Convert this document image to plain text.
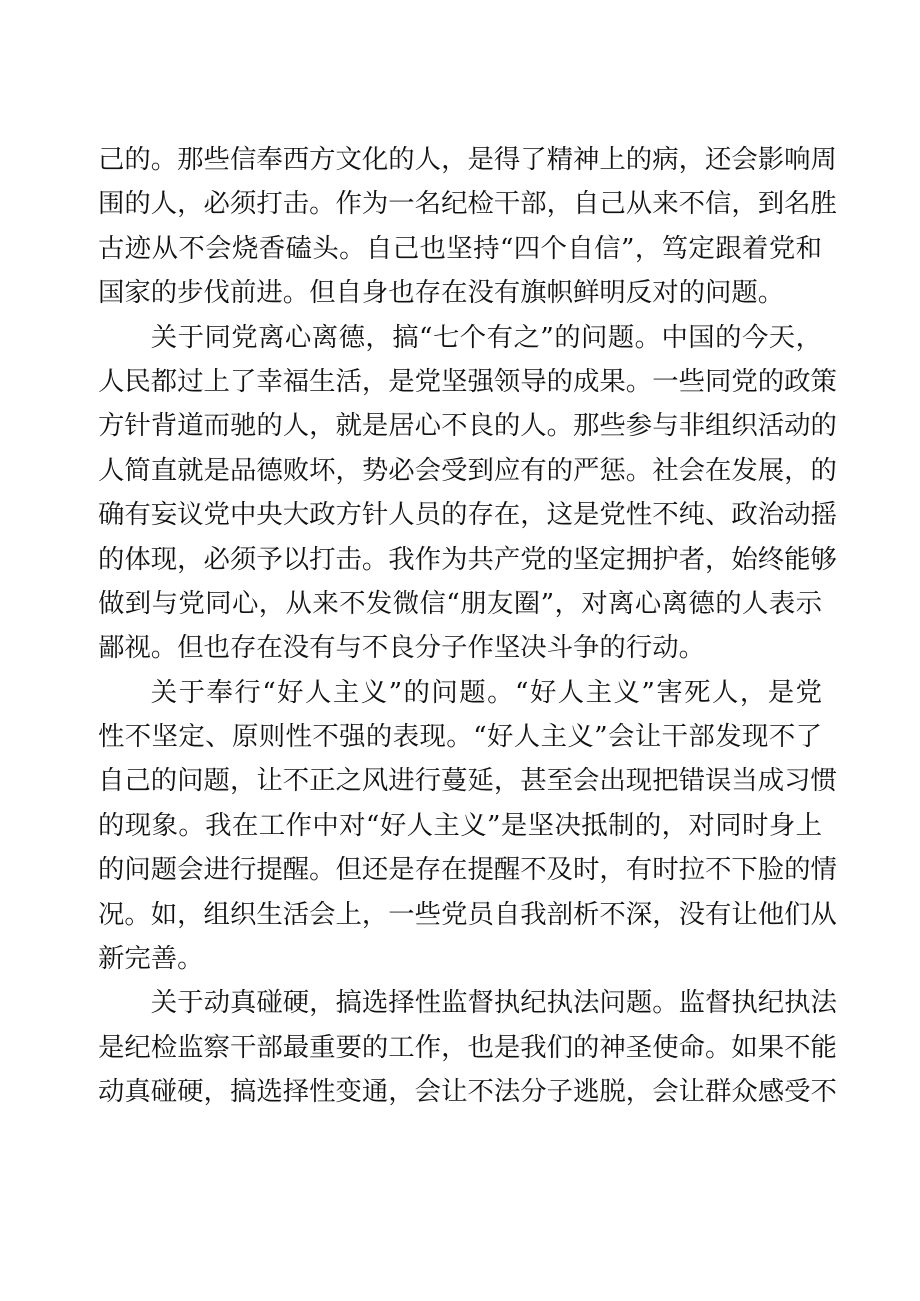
己的。那些信奉西方文化的人，是得了精神上的病，还会影响周
围的人，必须打击。作为一名纪检干部，自己从来不信，到名胜
古迹从不会烧香磕头。自己也坚持“四个自信”，笃定跟着党和
国家的步伐前进。但自身也存在没有旗帜鲜明反对的问题。
关于同党离心离德，搞“七个有之”的问题。中国的今天，
人民都过上了幸福生活，是党坚强领导的成果。一些同党的政策
方针背道而驰的人，就是居心不良的人。那些参与非组织活动的
人简直就是品德败坏，势必会受到应有的严惩。社会在发展，的
确有妄议党中央大政方针人员的存在，这是党性不纯、政治动摇
的体现，必须予以打击。我作为共产党的坚定拥护者，始终能够
做到与党同心，从来不发微信“朋友圈”，对离心离德的人表示
鄙视。但也存在没有与不良分子作坚决斗争的行动。
关于奉行“好人主义”的问题。“好人主义”害死人，是党
性不坚定、原则性不强的表现。“好人主义”会让干部发现不了
自己的问题，让不正之风进行蔓延，甚至会出现把错误当成习惯
的现象。我在工作中对“好人主义”是坚决抵制的，对同时身上
的问题会进行提醒。但还是存在提醒不及时，有时拉不下脸的情
况。如，组织生活会上，一些党员自我剖析不深，没有让他们从
新完善。
关于动真碰硬，搞选择性监督执纪执法问题。监督执纪执法
是纪检监察干部最重要的工作，也是我们的神圣使命。如果不能
动真碰硬，搞选择性变通，会让不法分子逃脱，会让群众感受不
